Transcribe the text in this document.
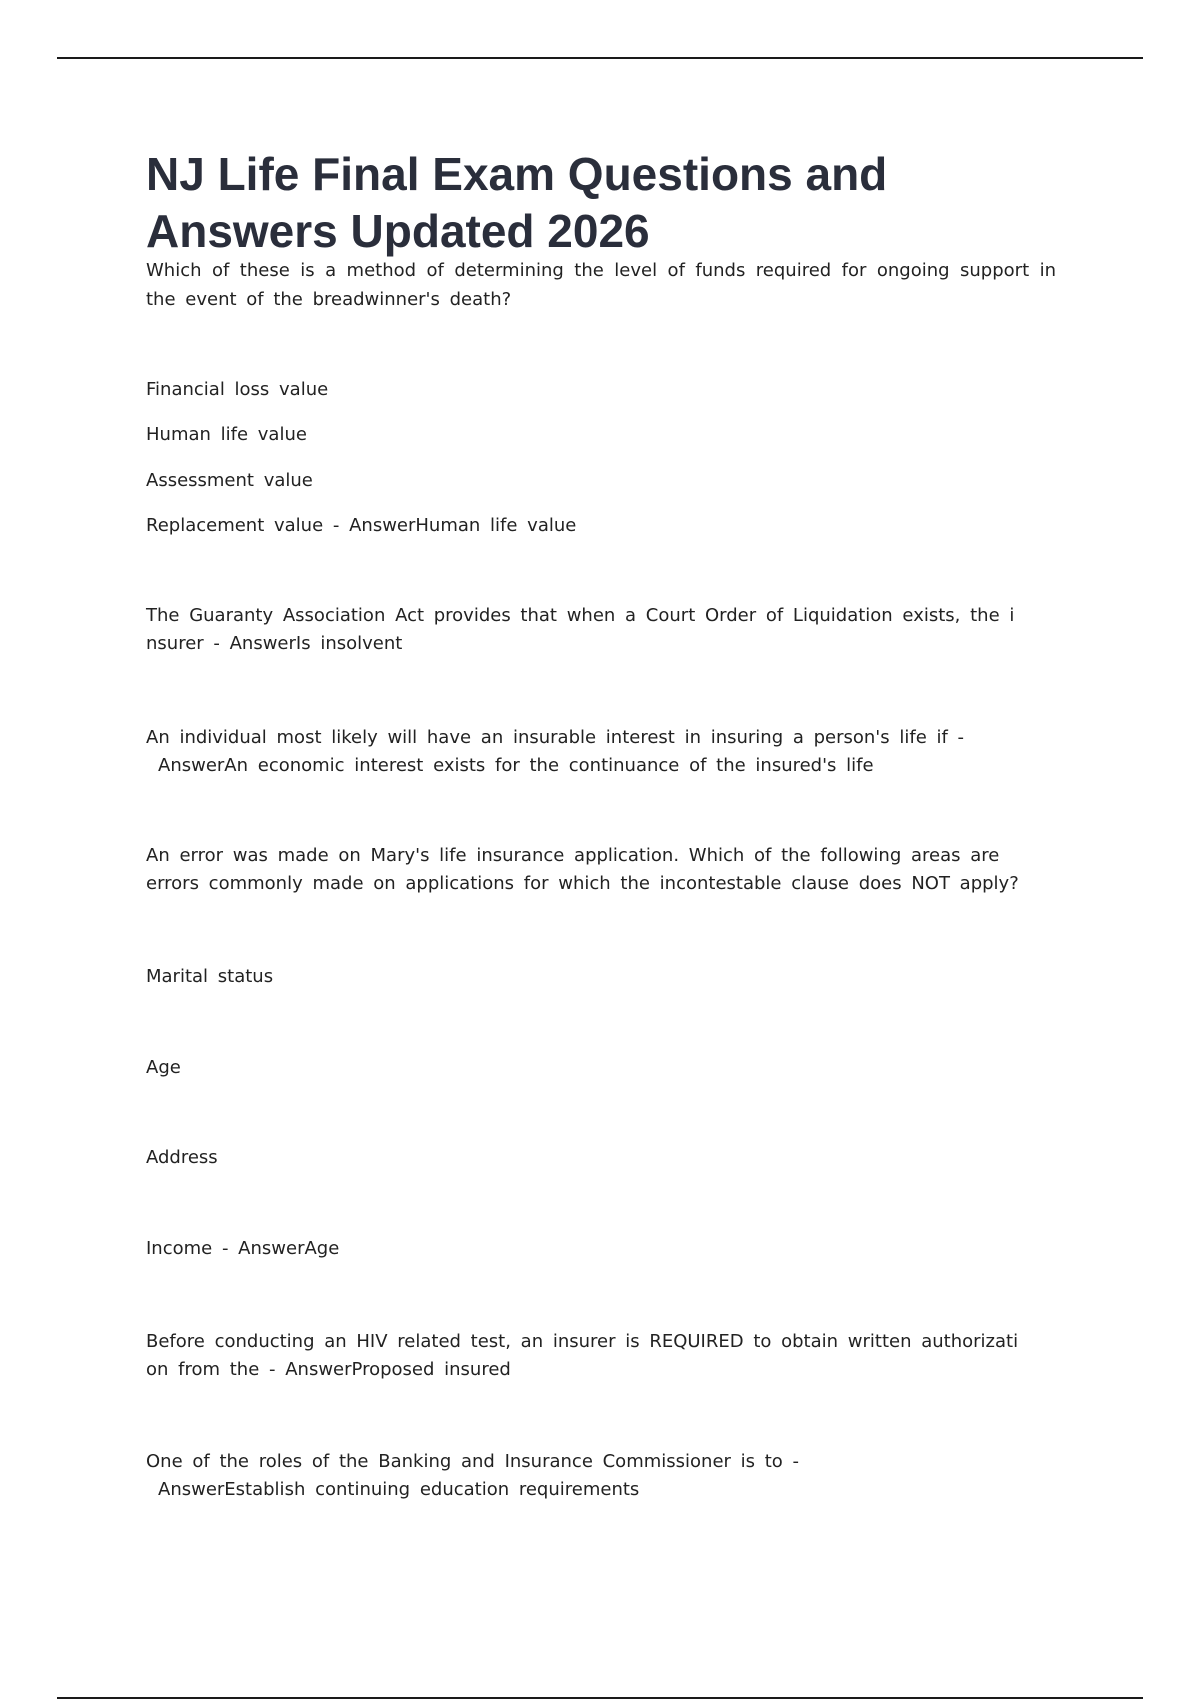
NJ Life Final Exam Questions and
Answers Updated 2026

Which of these is a method of determining the level of funds required for ongoing support in the event of the breadwinner's death?

Financial loss value

Human life value

Assessment value

Replacement value - AnswerHuman life value

The Guaranty Association Act provides that when a Court Order of Liquidation exists, the i
nsurer - AnswerIs insolvent

An individual most likely will have an insurable interest in insuring a person's life if -
AnswerAn economic interest exists for the continuance of the insured's life

An error was made on Mary's life insurance application. Which of the following areas are
errors commonly made on applications for which the incontestable clause does NOT apply?

Marital status

Age

Address

Income - AnswerAge

Before conducting an HIV related test, an insurer is REQUIRED to obtain written authorizati
on from the - AnswerProposed insured

One of the roles of the Banking and Insurance Commissioner is to -
AnswerEstablish continuing education requirements
